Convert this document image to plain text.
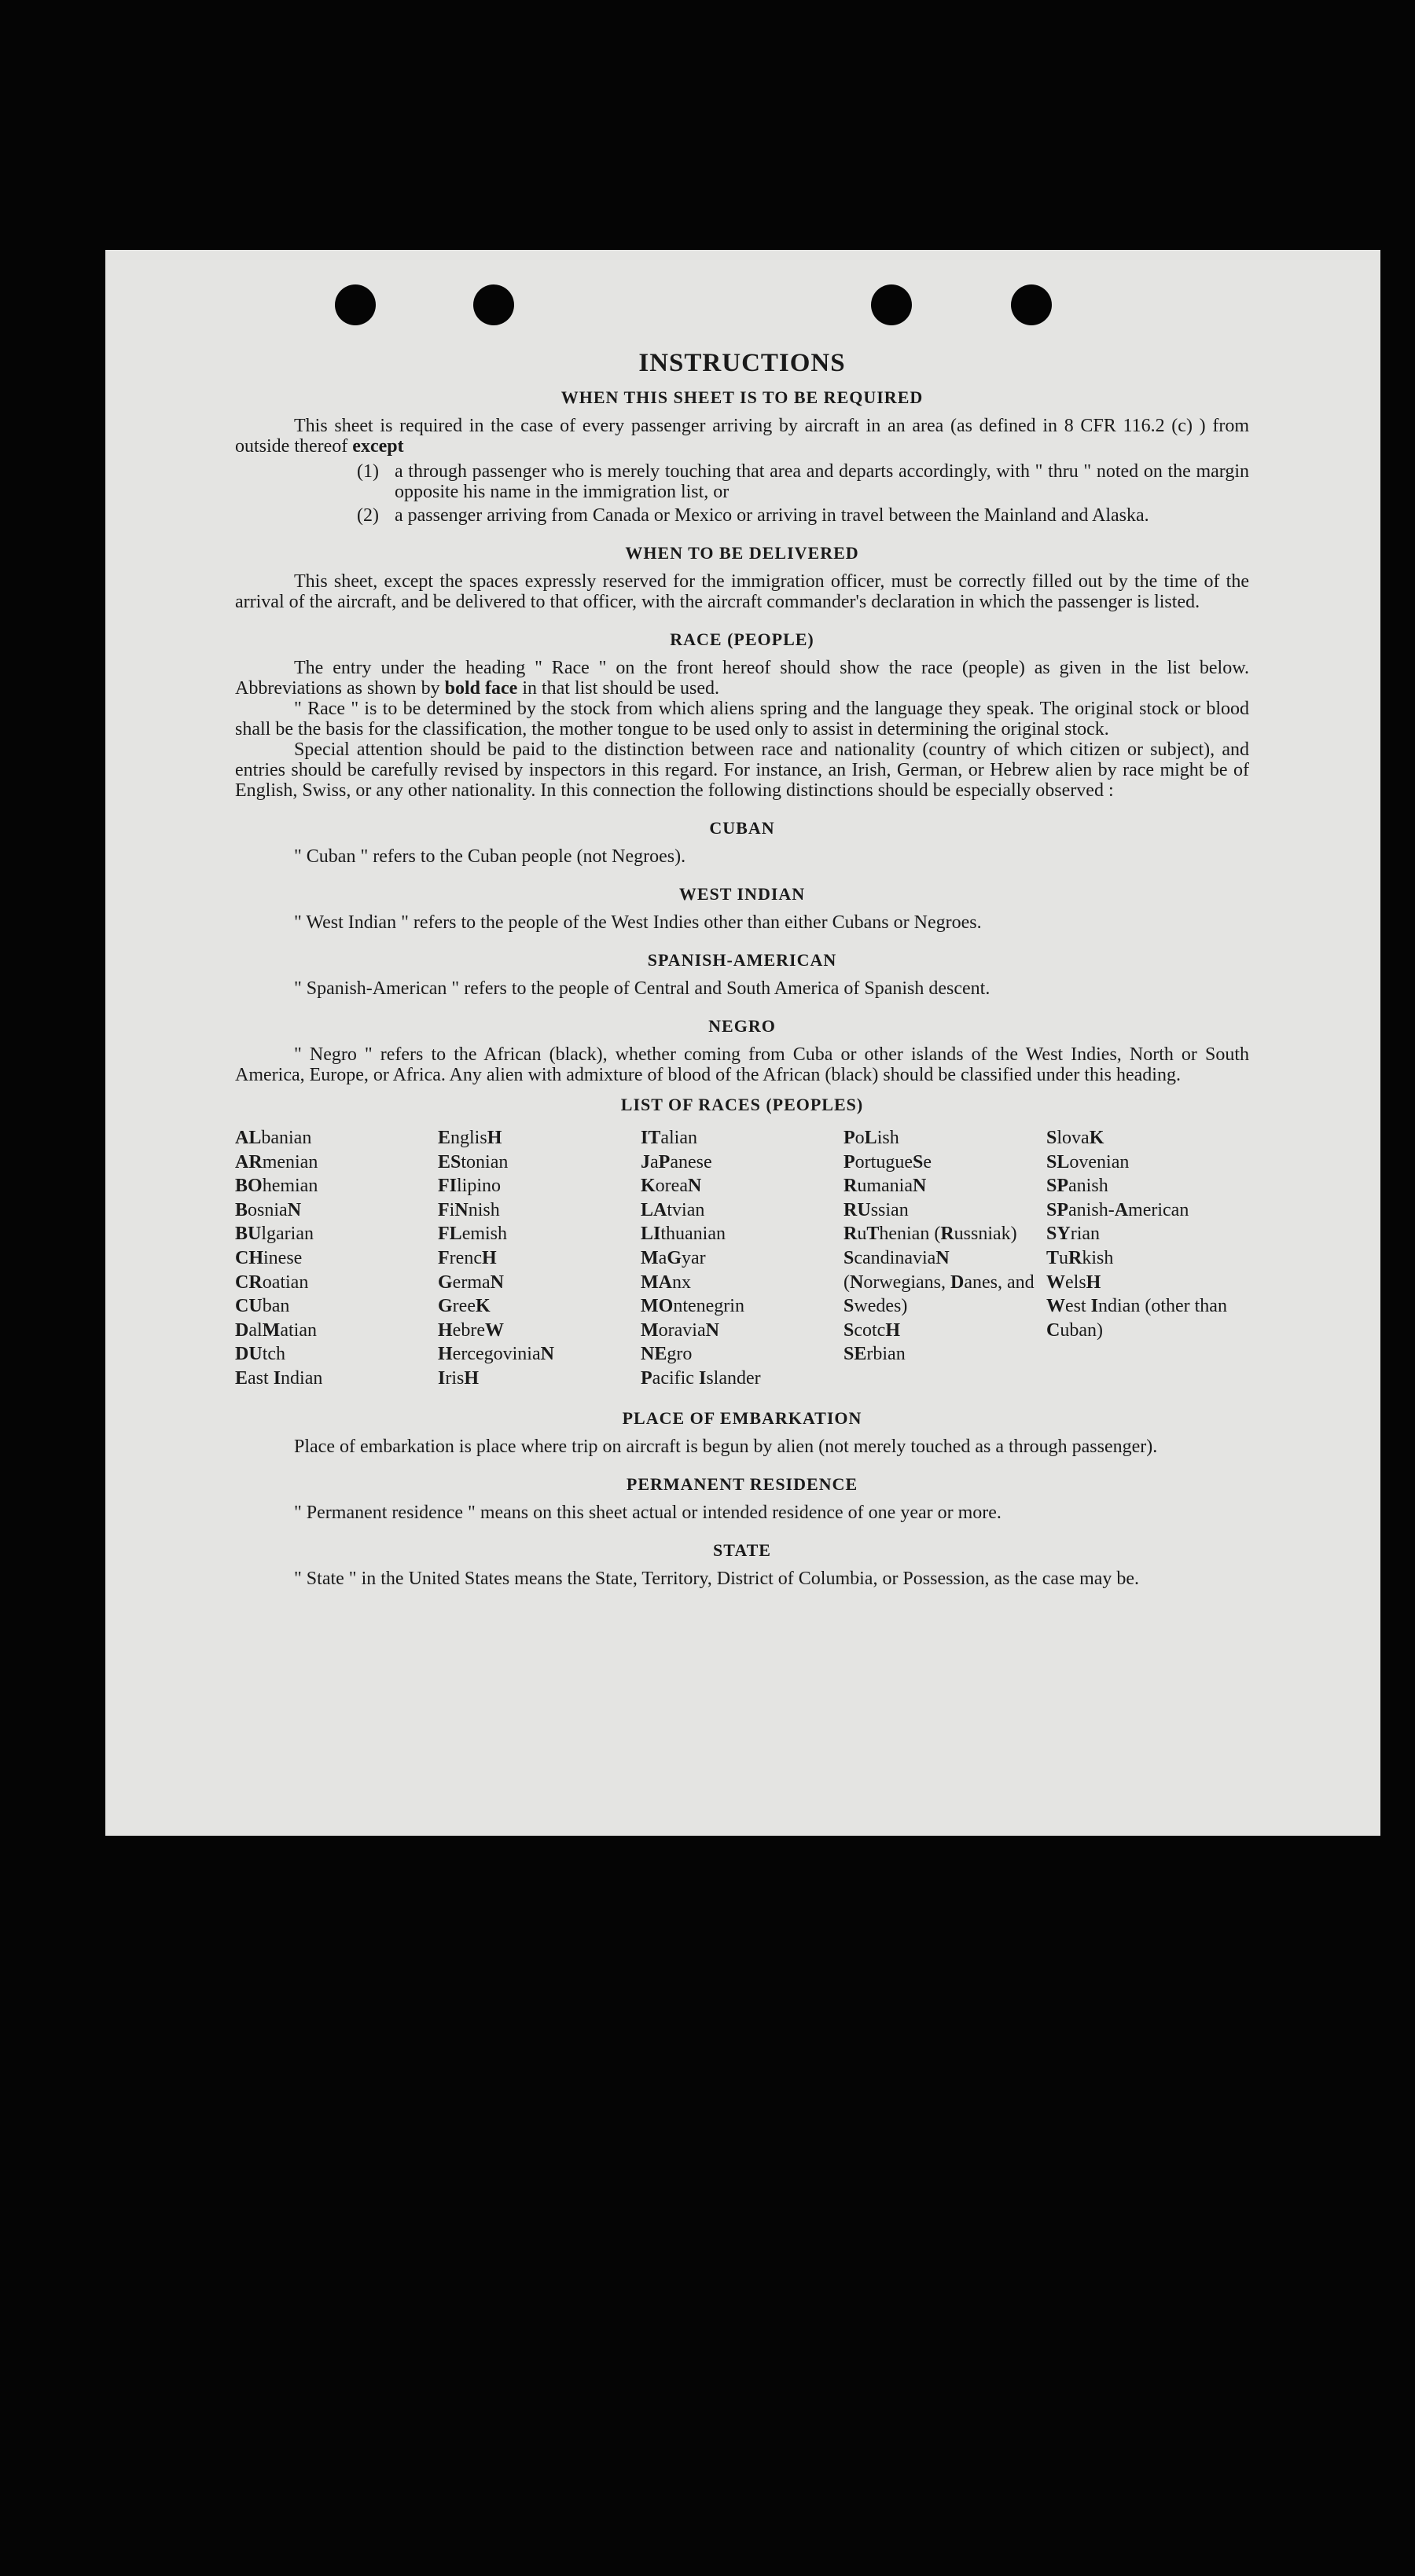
INSTRUCTIONS
WHEN THIS SHEET IS TO BE REQUIRED

This sheet is required in the case of every passenger arriving by aircraft in an area (as defined in 8 CFR 116.2 (c) ) from outside thereof except

(1) a through passenger who is merely touching that area and departs accordingly, with " thru " noted on the margin opposite his name in the immigration list, or
(2) a passenger arriving from Canada or Mexico or arriving in travel between the Mainland and Alaska.
WHEN TO BE DELIVERED

This sheet, except the spaces expressly reserved for the immigration officer, must be correctly filled out by the time of the arrival of the aircraft, and be delivered to that officer, with the aircraft commander's declaration in which the passenger is listed.

RACE (PEOPLE)

The entry under the heading " Race " on the front hereof should show the race (people) as given in the list below. Abbreviations as shown by bold face in that list should be used.

" Race " is to be determined by the stock from which aliens spring and the language they speak. The original stock or blood shall be the basis for the classification, the mother tongue to be used only to assist in determining the original stock.

Special attention should be paid to the distinction between race and nationality (country of which citizen or subject), and entries should be carefully revised by inspectors in this regard. For instance, an Irish, German, or Hebrew alien by race might be of English, Swiss, or any other nationality. In this connection the following distinctions should be especially observed :

CUBAN

" Cuban " refers to the Cuban people (not Negroes).

WEST INDIAN

" West Indian " refers to the people of the West Indies other than either Cubans or Negroes.

SPANISH-AMERICAN

" Spanish-American " refers to the people of Central and South America of Spanish descent.

NEGRO

" Negro " refers to the African (black), whether coming from Cuba or other islands of the West Indies, North or South America, Europe, or Africa. Any alien with admixture of blood of the African (black) should be classified under this heading.

LIST OF RACES (PEOPLES)
ALbanian
ARmenian
BOhemian
BosniaN
BUlgarian
CHinese
CRoatian
CUban
DalMatian
DUtch
East Indian
EnglisH
EStonian
FIlipino
FiNnish
FLemish
FrencH
GermaN
GreeK
HebreW
HercegoviniaN
IrisH
ITalian
JaPanese
KoreaN
LAtvian
LIthuanian
MaGyar
MAnx
MOntenegrin
MoraviaN
NEgro
Pacific Islander
PoLish
PortugueSe
RumaniaN
RUssian
RuThenian (Russniak)
ScandinaviaN (Norwegians, Danes, and Swedes)
ScotcH
SErbian
SlovaK
SLovenian
SPanish
SPanish-American
SYrian
TuRkish
WelsH
West Indian (other than Cuban)
PLACE OF EMBARKATION

Place of embarkation is place where trip on aircraft is begun by alien (not merely touched as a through passenger).

PERMANENT RESIDENCE

" Permanent residence " means on this sheet actual or intended residence of one year or more.

STATE

" State " in the United States means the State, Territory, District of Columbia, or Possession, as the case may be.
